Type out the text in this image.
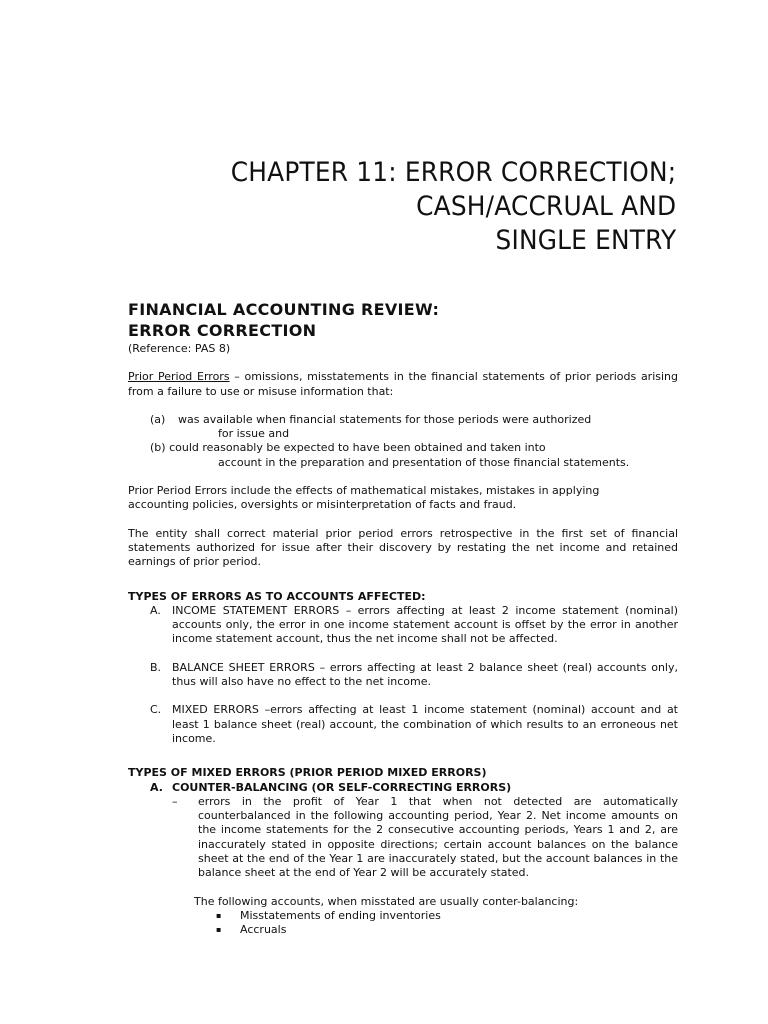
CHAPTER 11: ERROR CORRECTION;
CASH/ACCRUAL AND
SINGLE ENTRY
FINANCIAL ACCOUNTING REVIEW:
ERROR CORRECTION
(Reference: PAS 8)
Prior Period Errors – omissions, misstatements in the financial statements of prior periods arising from a failure to use or misuse information that:
(a)	was available when financial statements for those periods were authorized
for issue and
(b) could reasonably be expected to have been obtained and taken into
account in the preparation and presentation of those financial statements.
Prior Period Errors include the effects of mathematical mistakes, mistakes in applying accounting policies, oversights or misinterpretation of facts and fraud.
The entity shall correct material prior period errors retrospective in the first set of financial statements authorized for issue after their discovery by restating the net income and retained earnings of prior period.
TYPES OF ERRORS AS TO ACCOUNTS AFFECTED:
A.	INCOME STATEMENT ERRORS – errors affecting at least 2 income statement (nominal) accounts only, the error in one income statement account is offset by the error in another income statement account, thus the net income shall not be affected.
B. BALANCE SHEET ERRORS – errors affecting at least 2 balance sheet (real) accounts only, thus will also have no effect to the net income.
C. MIXED ERRORS –errors affecting at least 1 income statement (nominal) account and at least 1 balance sheet (real) account, the combination of which results to an erroneous net income.
TYPES OF MIXED ERRORS (PRIOR PERIOD MIXED ERRORS)
A. COUNTER-BALANCING (OR SELF-CORRECTING ERRORS)
–	errors in the profit of Year 1 that when not detected are automatically counterbalanced in the following accounting period, Year 2. Net income amounts on the income statements for the 2 consecutive accounting periods, Years 1 and 2, are inaccurately stated in opposite directions; certain account balances on the balance sheet at the end of the Year 1 are inaccurately stated, but the account balances in the balance sheet at the end of Year 2 will be accurately stated.
The following accounts, when misstated are usually conter-balancing:
▪	Misstatements of ending inventories
▪	Accruals
